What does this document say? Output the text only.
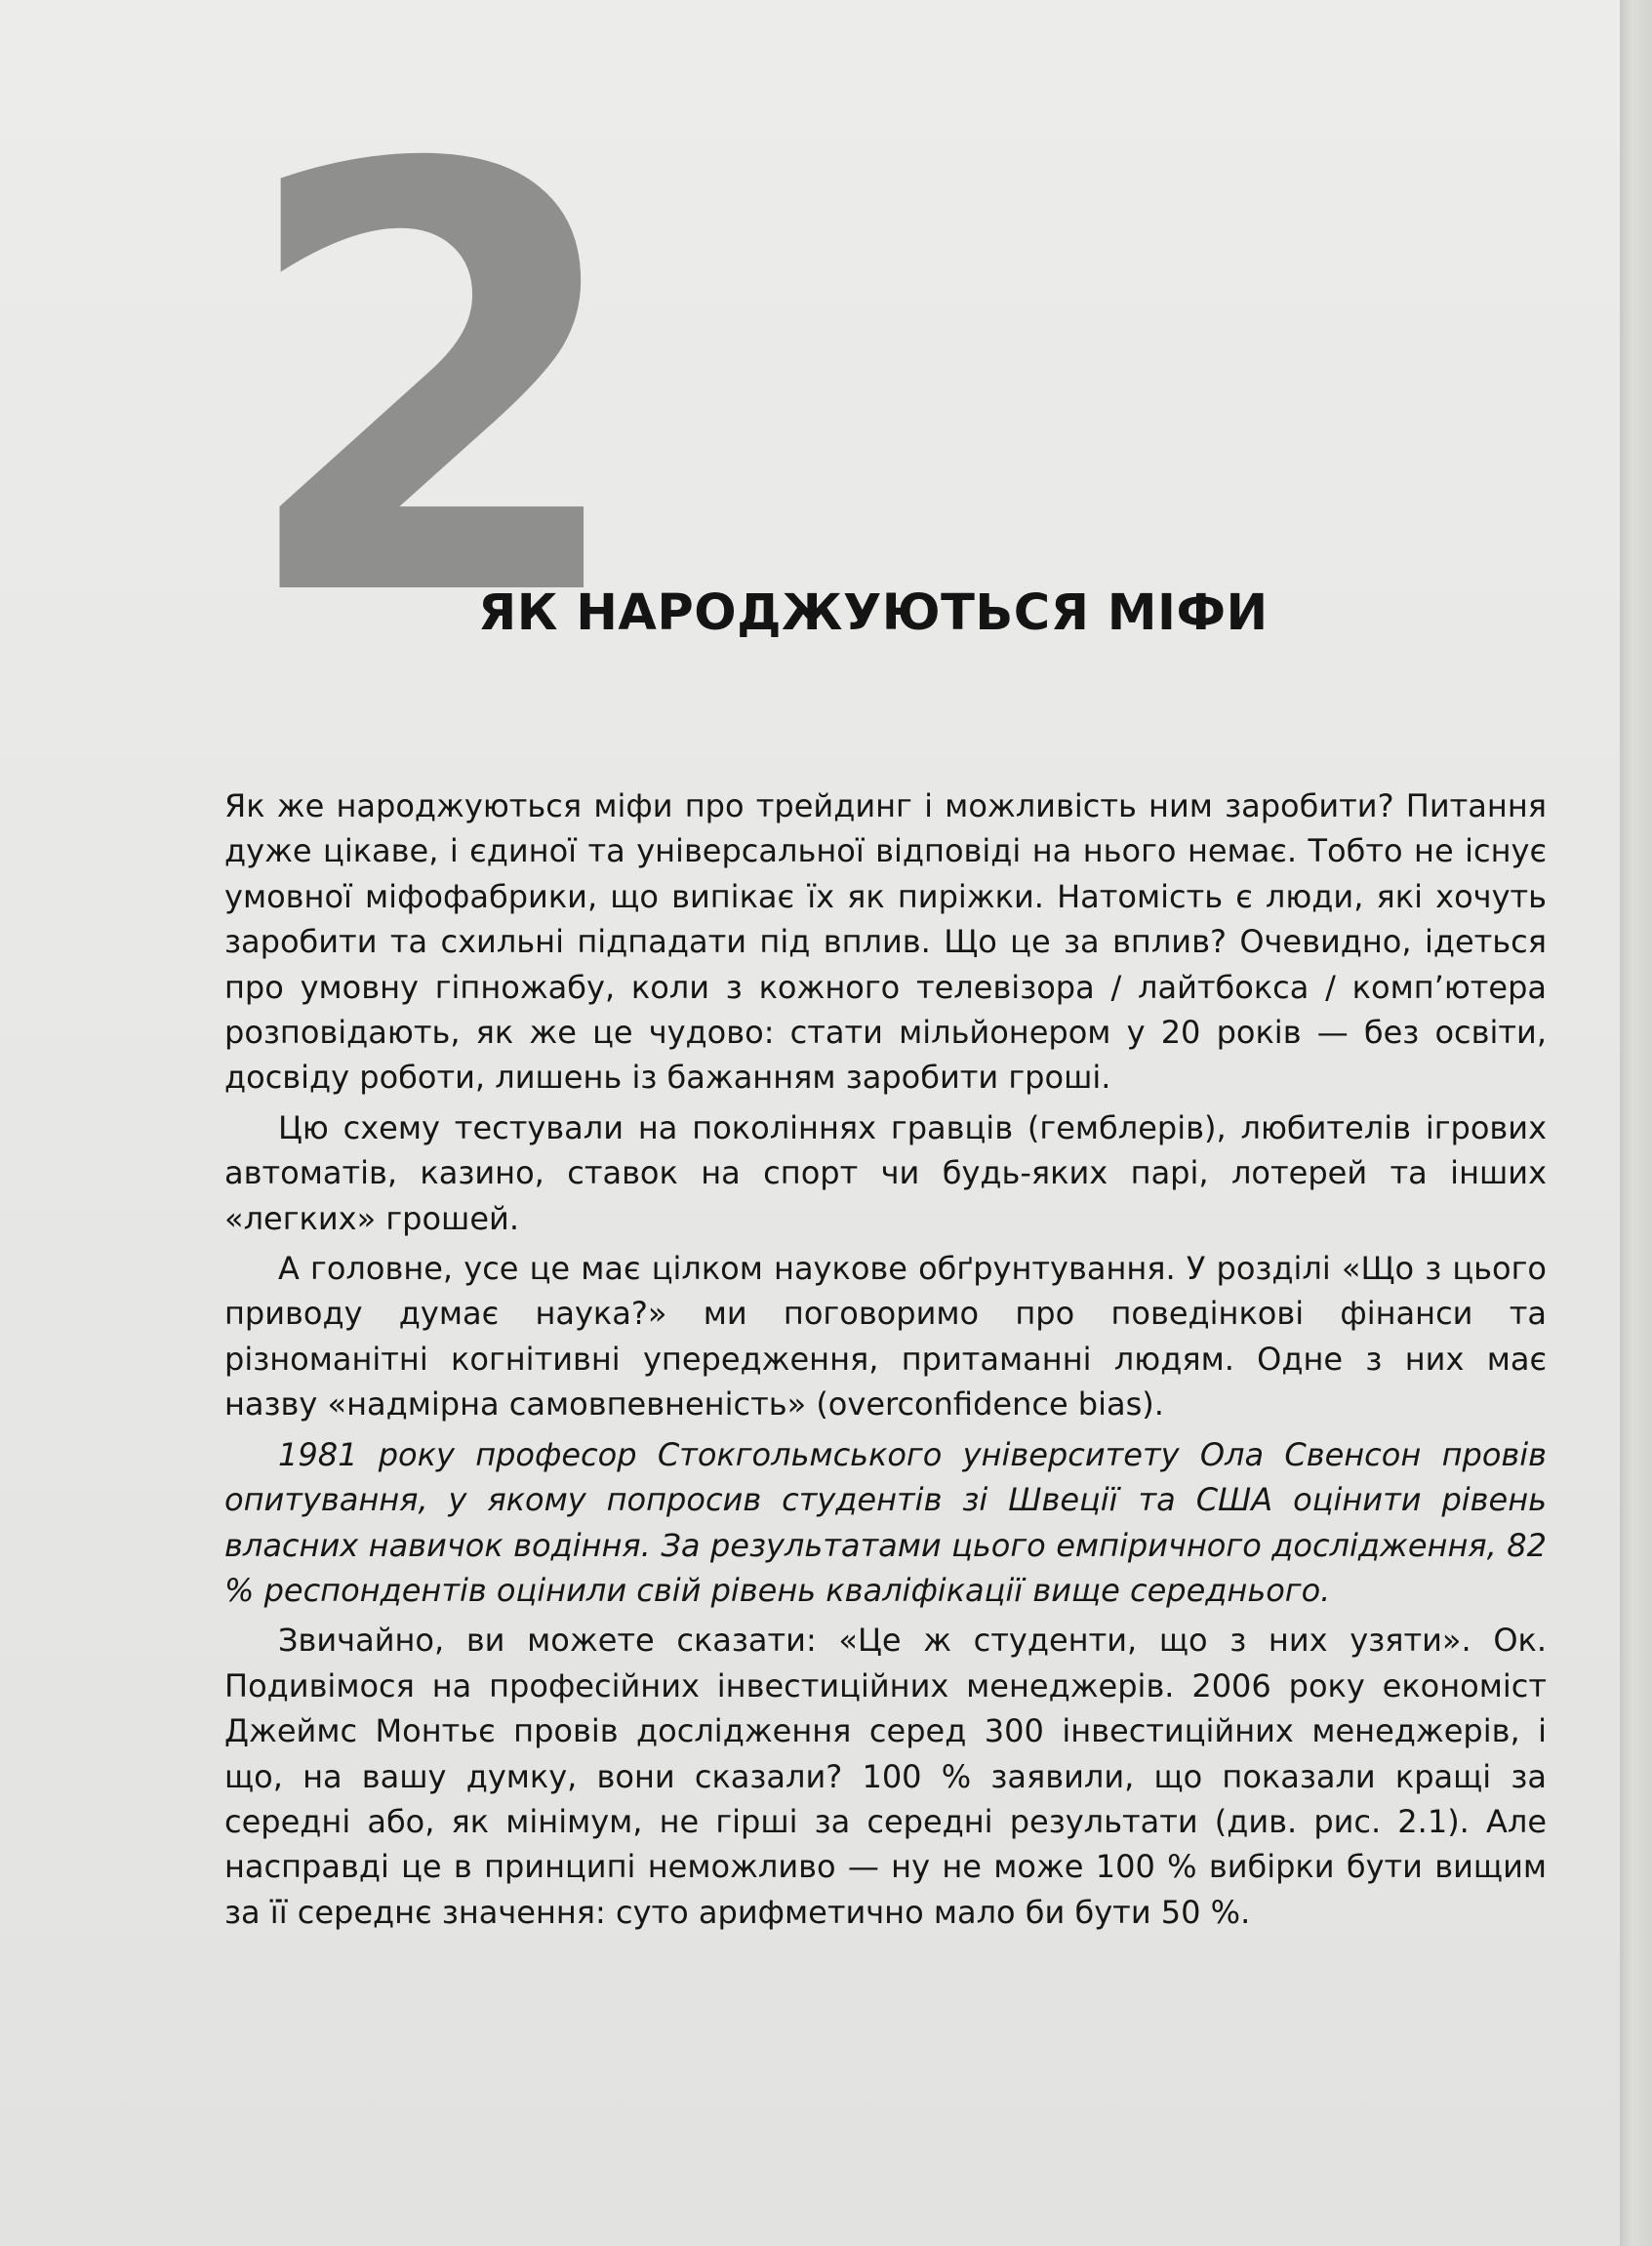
2
ЯК НАРОДЖУЮТЬСЯ МІФИ

Як же народжуються міфи про трейдинг і можливість ним заробити? Питання дуже цікаве, і єдиної та універсальної відповіді на нього немає. Тобто не існує умовної міфофабрики, що випікає їх як пиріжки. Натомість є люди, які хочуть заробити та схильні підпадати під вплив. Що це за вплив? Очевидно, ідеться про умовну гіпножабу, коли з кожного телевізора / лайтбокса / комп’ютера розповідають, як же це чудово: стати мільйонером у 20 років — без освіти, досвіду роботи, лишень із бажанням заробити гроші.

Цю схему тестували на поколіннях гравців (гемблерів), любителів ігрових автоматів, казино, ставок на спорт чи будь-яких парі, лотерей та інших «легких» грошей.

А головне, усе це має цілком наукове обґрунтування. У розділі «Що з цього приводу думає наука?» ми поговоримо про поведінкові фінанси та різноманітні когнітивні упередження, притаманні людям. Одне з них має назву «надмірна самовпевненість» (overconfidence bias).

1981 року професор Стокгольмського університету Ола Свенсон провів опитування, у якому попросив студентів зі Швеції та США оцінити рівень власних навичок водіння. За результатами цього емпіричного дослідження, 82 % респондентів оцінили свій рівень кваліфікації вище середнього.

Звичайно, ви можете сказати: «Це ж студенти, що з них узяти». Ок. Подивімося на професійних інвестиційних менеджерів. 2006 року економіст Джеймс Монтьє провів дослідження серед 300 інвестиційних менеджерів, і що, на вашу думку, вони сказали? 100 % заявили, що показали кращі за середні або, як мінімум, не гірші за середні результати (див. рис. 2.1). Але насправді це в принципі неможливо — ну не може 100 % вибірки бути вищим за її середнє значення: суто арифметично мало би бути 50 %.
